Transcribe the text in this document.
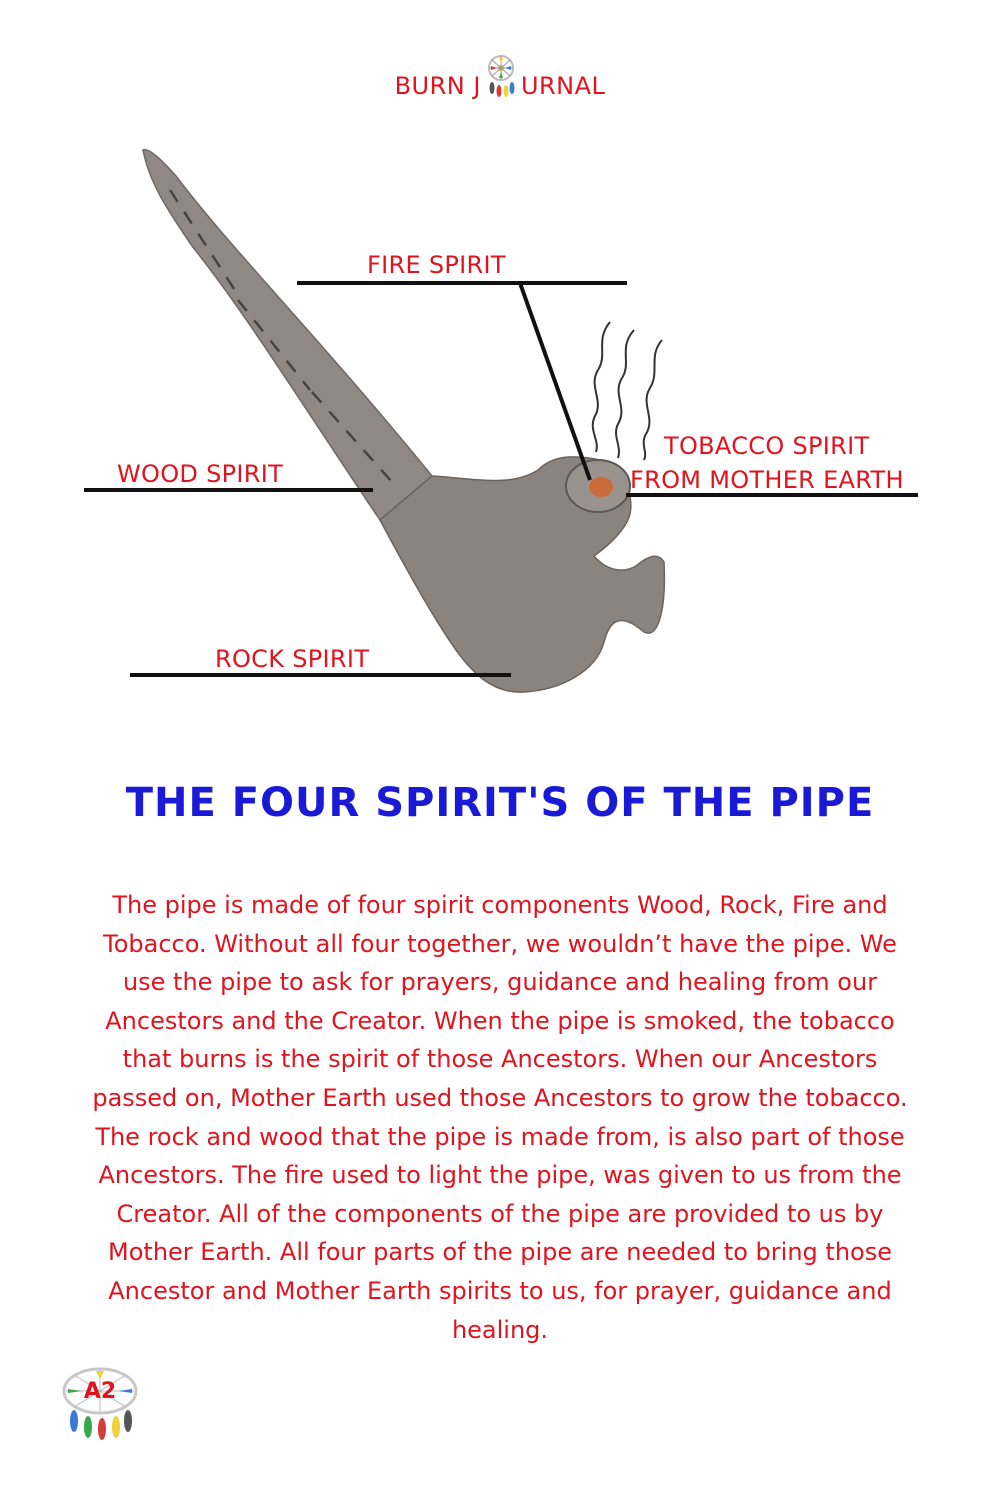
BURN J URNAL
FIRE SPIRIT
WOOD SPIRIT
ROCK SPIRIT
TOBACCO SPIRIT
FROM MOTHER EARTH
THE FOUR SPIRIT'S OF THE PIPE
The pipe is made of four spirit components Wood, Rock, Fire and Tobacco. Without all four together, we wouldn’t have the pipe. We use the pipe to ask for prayers, guidance and healing from our Ancestors and the Creator. When the pipe is smoked, the tobacco that burns is the spirit of those Ancestors. When our Ancestors passed on, Mother Earth used those Ancestors to grow the tobacco. The rock and wood that the pipe is made from, is also part of those Ancestors. The fire used to light the pipe, was given to us from the Creator. All of the components of the pipe are provided to us by Mother Earth. All four parts of the pipe are needed to bring those Ancestor and Mother Earth spirits to us, for prayer, guidance and healing.
A2
